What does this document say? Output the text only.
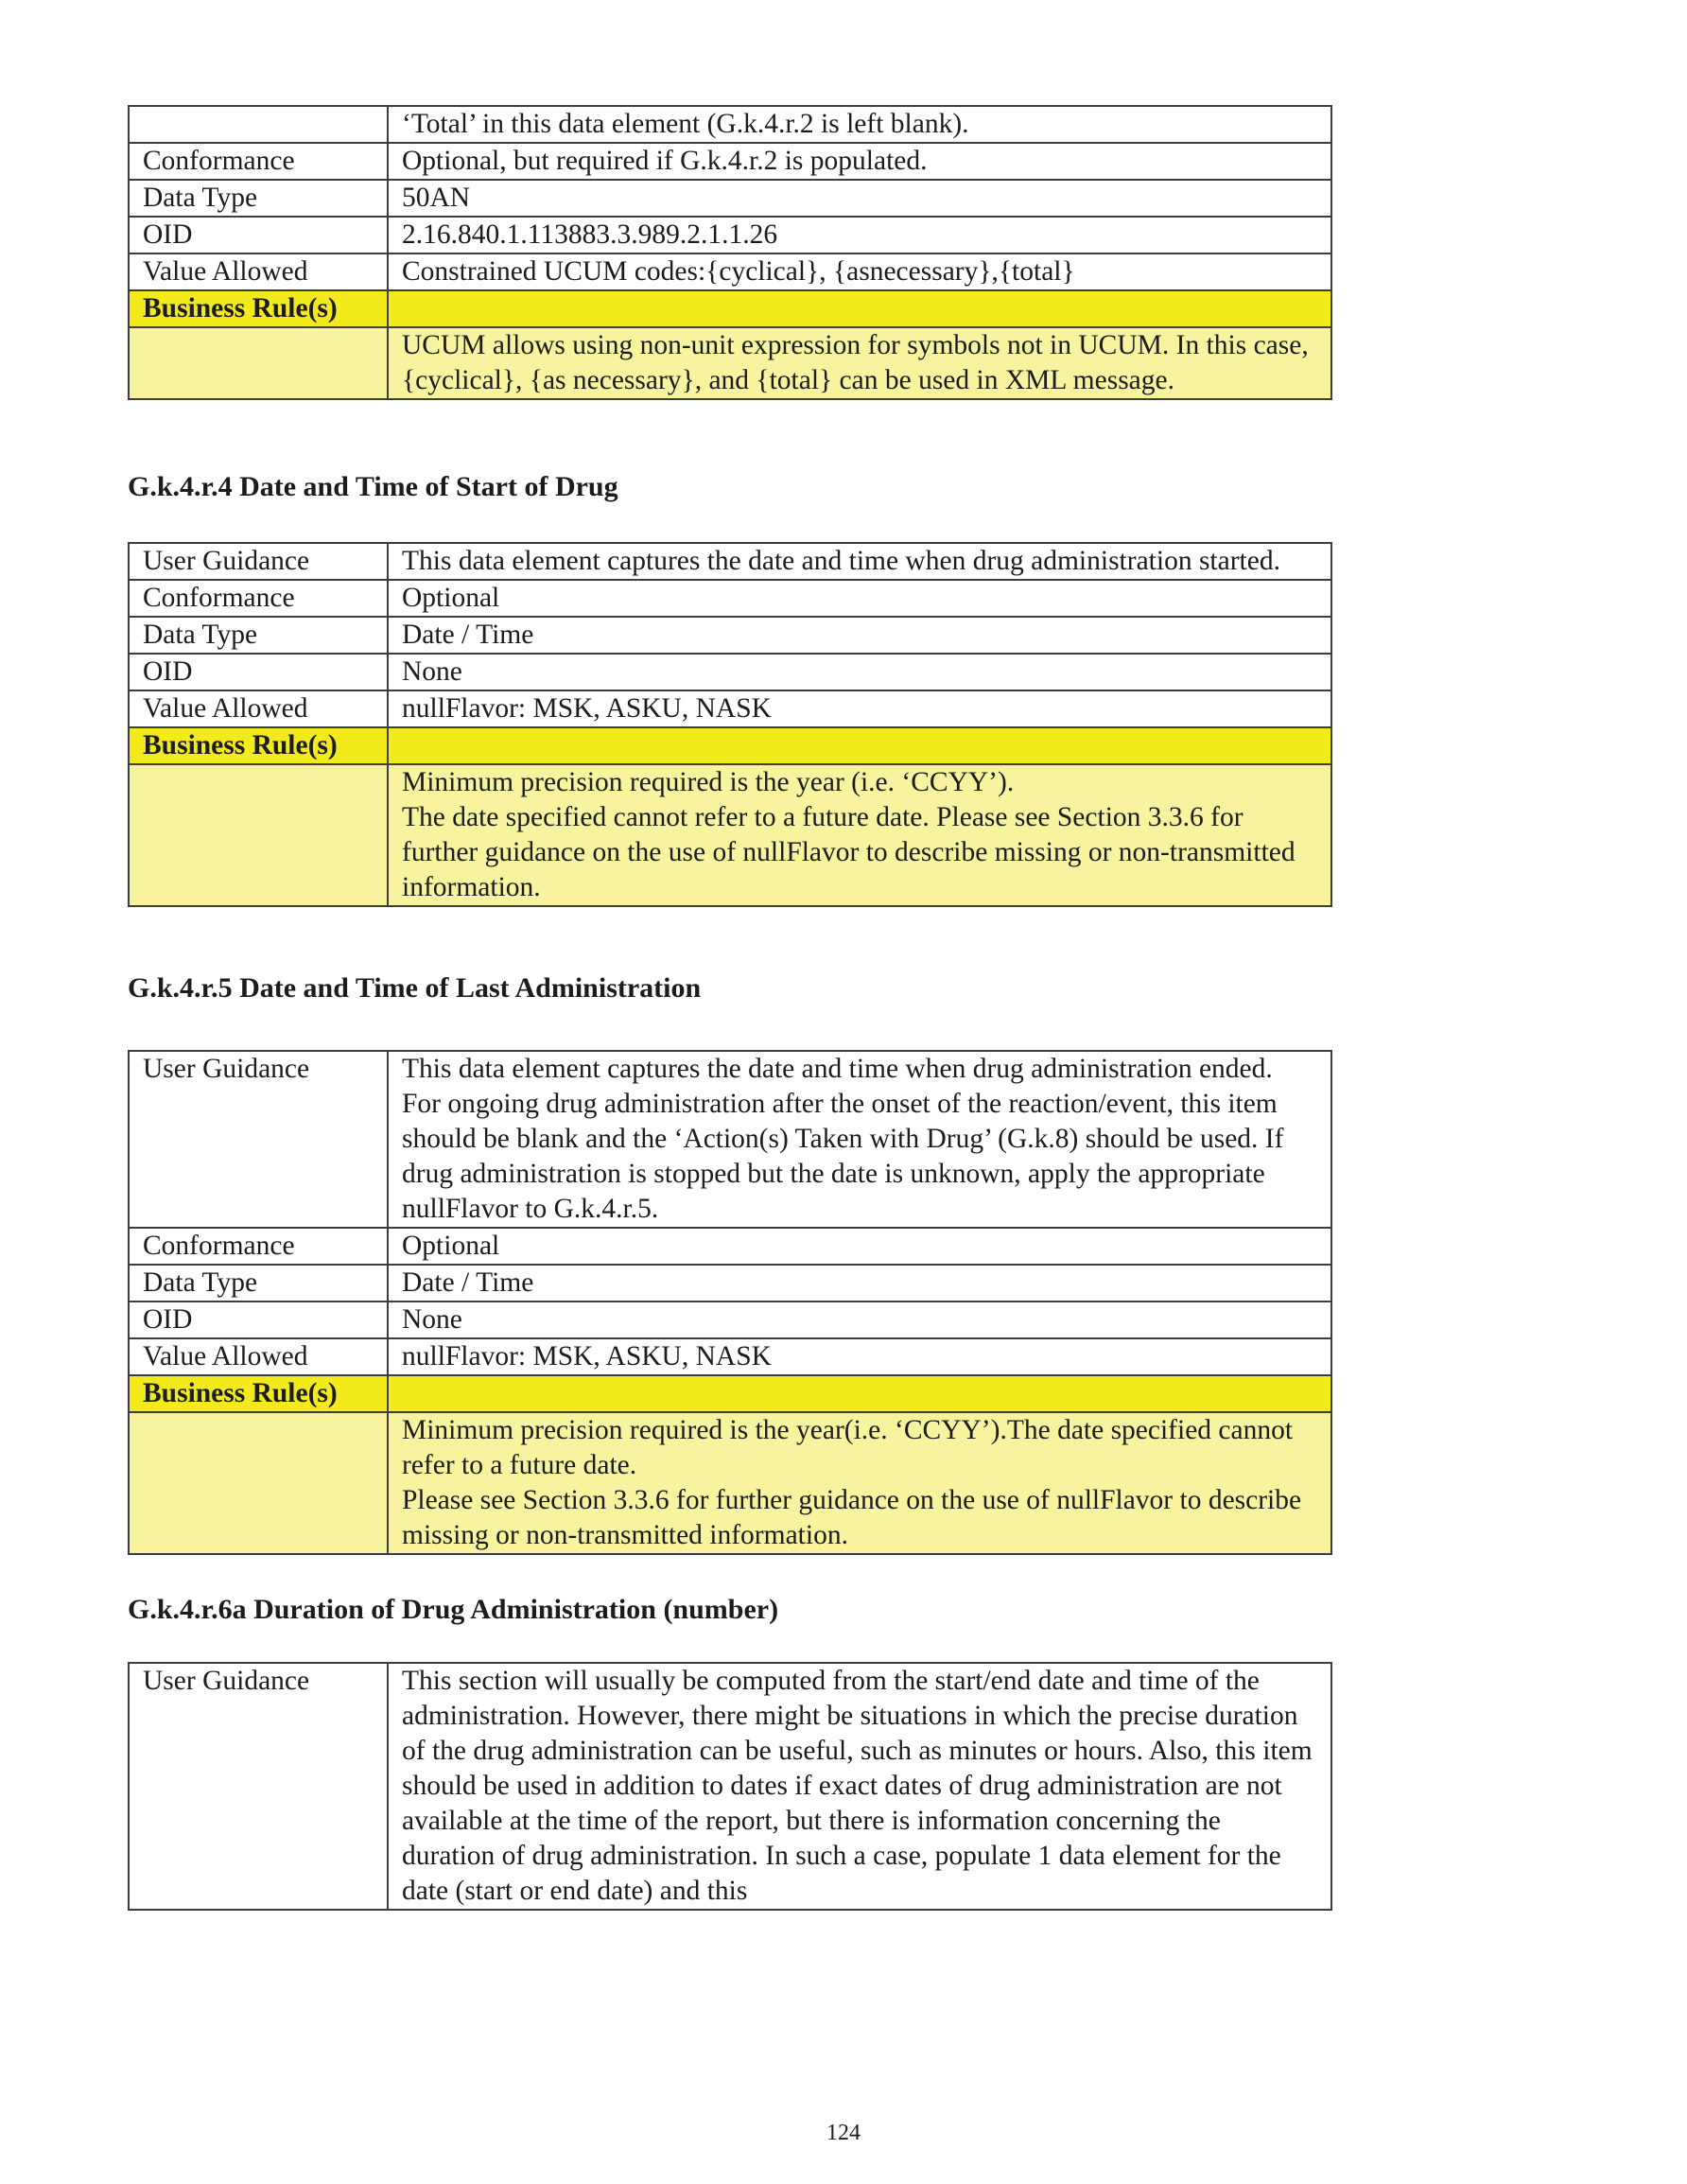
	‘Total’ in this data element (G.k.4.r.2 is left blank).
Conformance	Optional, but required if G.k.4.r.2 is populated.
Data Type	50AN
OID	2.16.840.1.113883.3.989.2.1.1.26
Value Allowed	Constrained UCUM codes:{cyclical}, {asnecessary},{total}
Business Rule(s)	
	UCUM allows using non-unit expression for symbols not in UCUM. In this case, {cyclical}, {as necessary}, and {total} can be used in XML message.
G.k.4.r.4 Date and Time of Start of Drug
User Guidance	This data element captures the date and time when drug administration started.
Conformance	Optional
Data Type	Date / Time
OID	None
Value Allowed	nullFlavor: MSK, ASKU, NASK
Business Rule(s)	
	Minimum precision required is the year (i.e. ‘CCYY’).
The date specified cannot refer to a future date. Please see Section 3.3.6 for further guidance on the use of nullFlavor to describe missing or non-transmitted information.
G.k.4.r.5 Date and Time of Last Administration
User Guidance	This data element captures the date and time when drug administration ended. For ongoing drug administration after the onset of the reaction/event, this item should be blank and the ‘Action(s) Taken with Drug’ (G.k.8) should be used. If drug administration is stopped but the date is unknown, apply the appropriate nullFlavor to G.k.4.r.5.
Conformance	Optional
Data Type	Date / Time
OID	None
Value Allowed	nullFlavor: MSK, ASKU, NASK
Business Rule(s)	
	Minimum precision required is the year(i.e. ‘CCYY’).The date specified cannot refer to a future date.
Please see Section 3.3.6 for further guidance on the use of nullFlavor to describe missing or non-transmitted information.
G.k.4.r.6a Duration of Drug Administration (number)
User Guidance	This section will usually be computed from the start/end date and time of the administration. However, there might be situations in which the precise duration of the drug administration can be useful, such as minutes or hours. Also, this item should be used in addition to dates if exact dates of drug administration are not available at the time of the report, but there is information concerning the duration of drug administration. In such a case, populate 1 data element for the date (start or end date) and this
124
